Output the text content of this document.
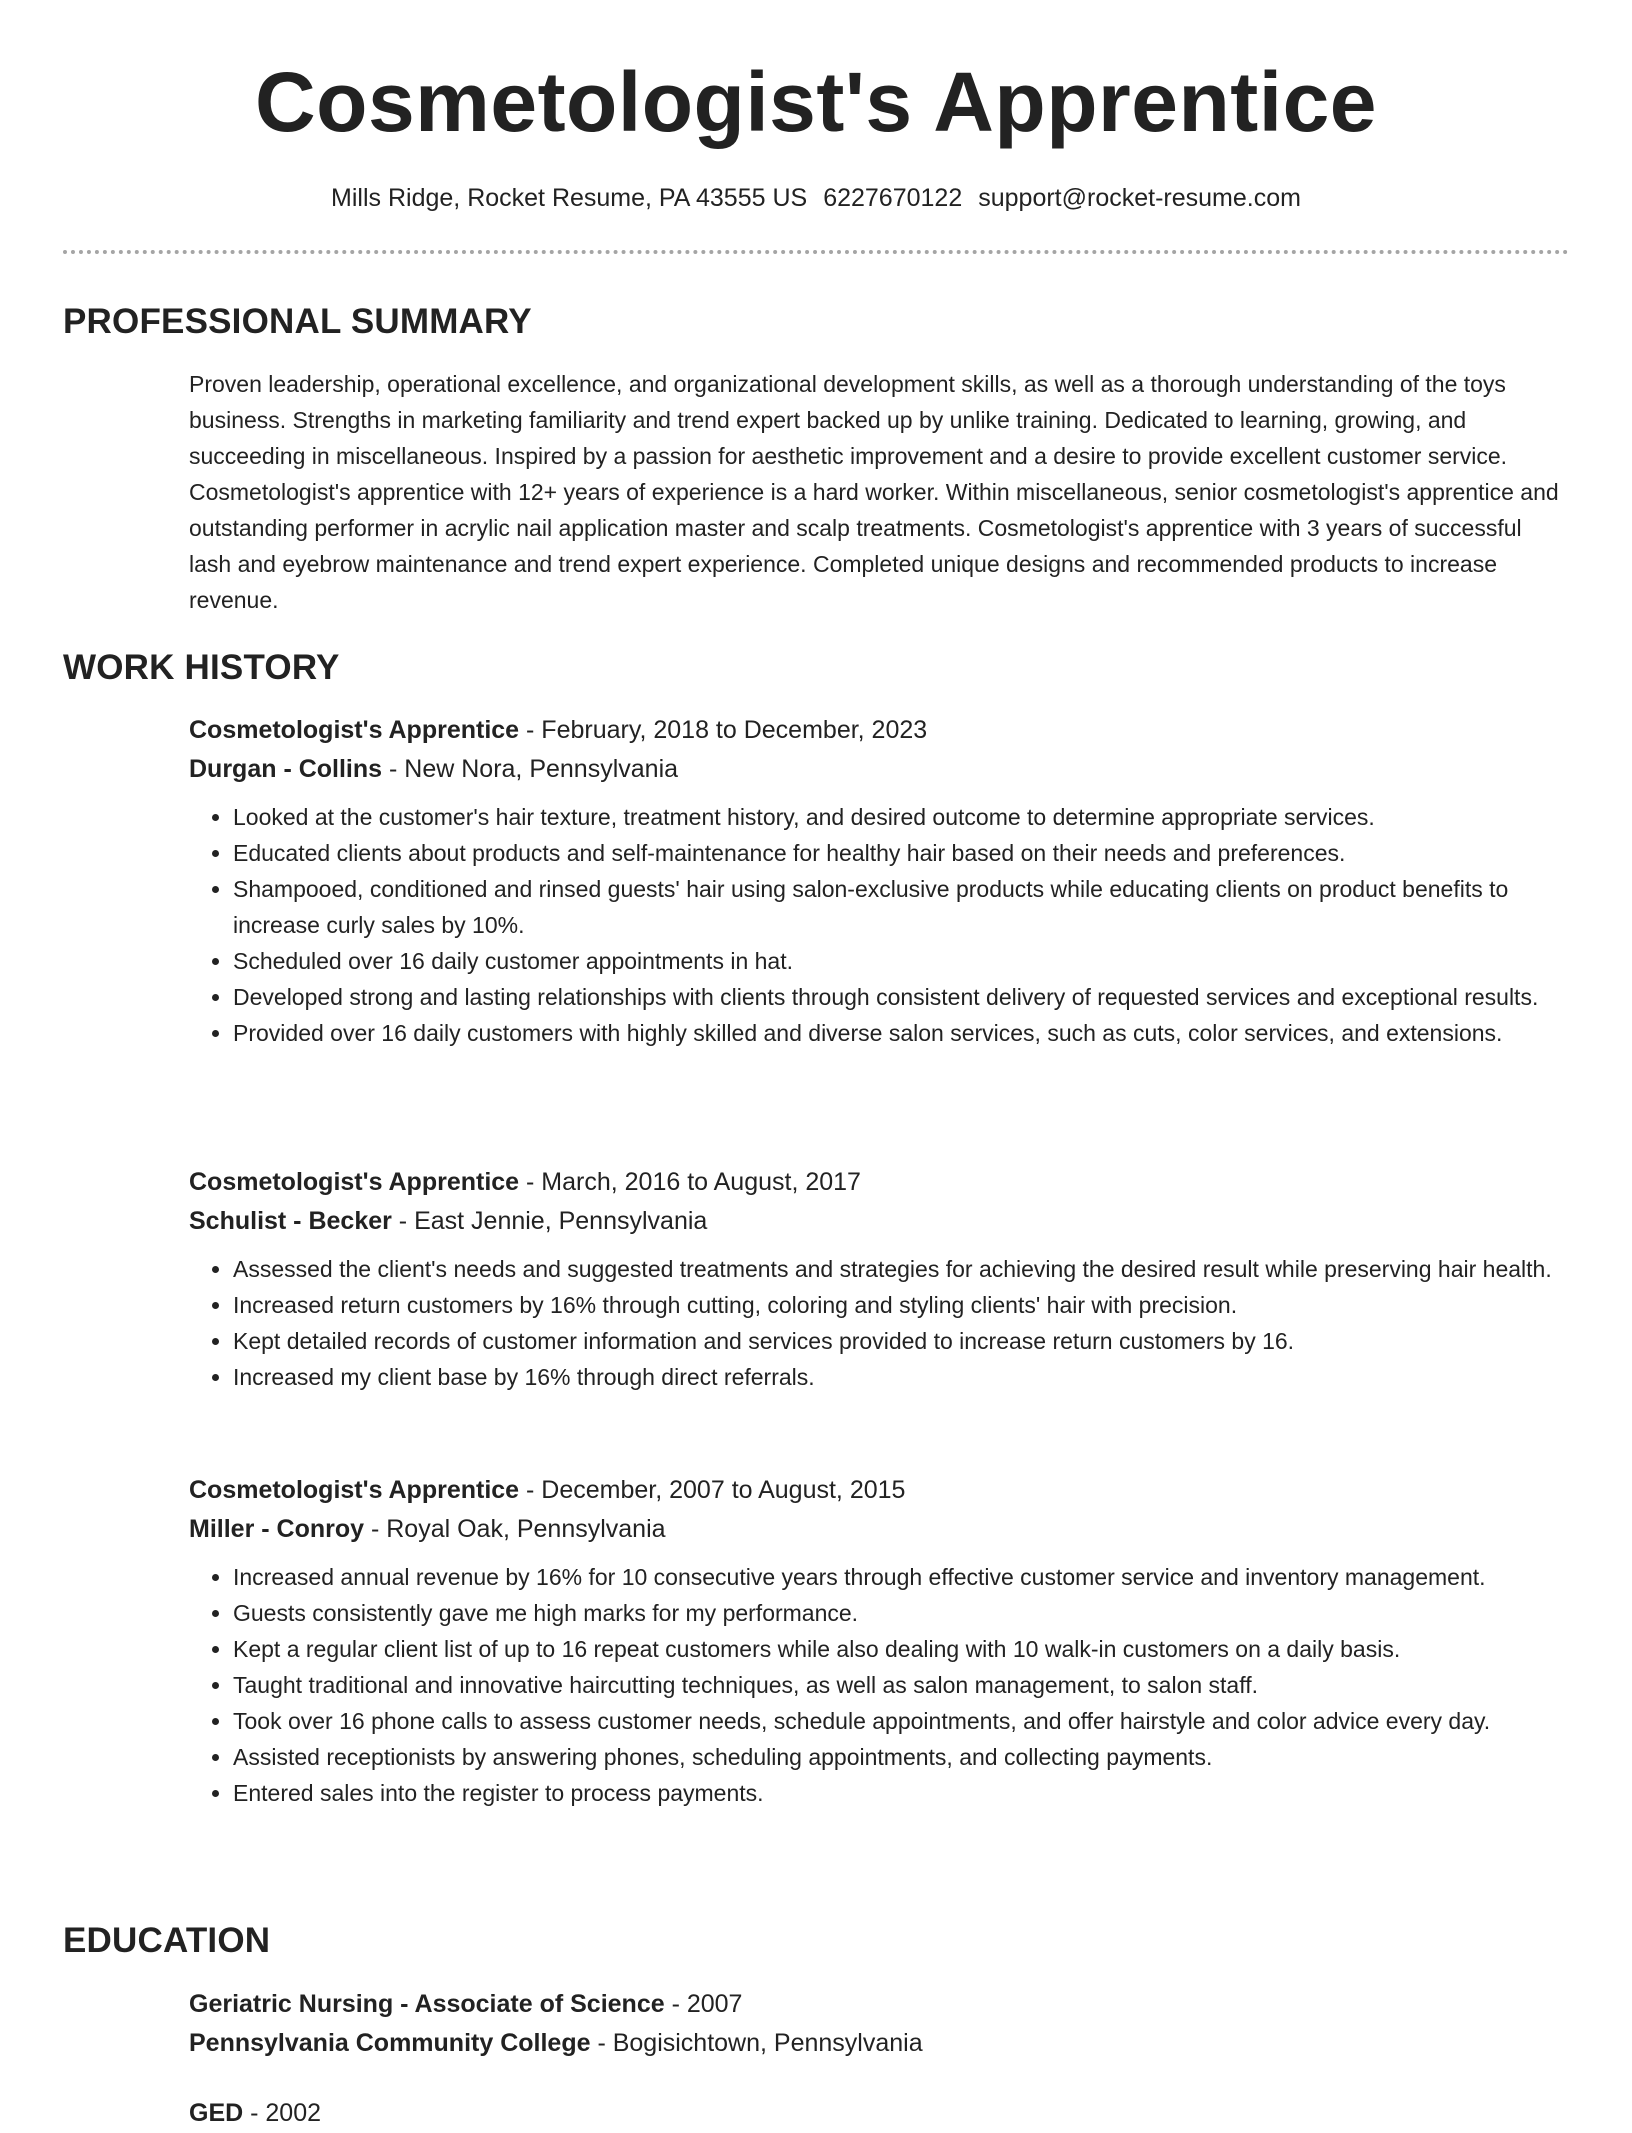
Cosmetologist's Apprentice
Mills Ridge, Rocket Resume, PA 43555 US 6227670122 support@rocket-resume.com
PROFESSIONAL SUMMARY
Proven leadership, operational excellence, and organizational development skills, as well as a thorough understanding of the toys business. Strengths in marketing familiarity and trend expert backed up by unlike training. Dedicated to learning, growing, and succeeding in miscellaneous. Inspired by a passion for aesthetic improvement and a desire to provide excellent customer service. Cosmetologist's apprentice with 12+ years of experience is a hard worker. Within miscellaneous, senior cosmetologist's apprentice and outstanding performer in acrylic nail application master and scalp treatments. Cosmetologist's apprentice with 3 years of successful lash and eyebrow maintenance and trend expert experience. Completed unique designs and recommended products to increase revenue.
WORK HISTORY
Cosmetologist's Apprentice - February, 2018 to December, 2023
Durgan - Collins - New Nora, Pennsylvania
• Looked at the customer's hair texture, treatment history, and desired outcome to determine appropriate services.
• Educated clients about products and self-maintenance for healthy hair based on their needs and preferences.
• Shampooed, conditioned and rinsed guests' hair using salon-exclusive products while educating clients on product benefits to increase curly sales by 10%.
• Scheduled over 16 daily customer appointments in hat.
• Developed strong and lasting relationships with clients through consistent delivery of requested services and exceptional results.
• Provided over 16 daily customers with highly skilled and diverse salon services, such as cuts, color services, and extensions.
Cosmetologist's Apprentice - March, 2016 to August, 2017
Schulist - Becker - East Jennie, Pennsylvania
• Assessed the client's needs and suggested treatments and strategies for achieving the desired result while preserving hair health.
• Increased return customers by 16% through cutting, coloring and styling clients' hair with precision.
• Kept detailed records of customer information and services provided to increase return customers by 16.
• Increased my client base by 16% through direct referrals.
Cosmetologist's Apprentice - December, 2007 to August, 2015
Miller - Conroy - Royal Oak, Pennsylvania
• Increased annual revenue by 16% for 10 consecutive years through effective customer service and inventory management.
• Guests consistently gave me high marks for my performance.
• Kept a regular client list of up to 16 repeat customers while also dealing with 10 walk-in customers on a daily basis.
• Taught traditional and innovative haircutting techniques, as well as salon management, to salon staff.
• Took over 16 phone calls to assess customer needs, schedule appointments, and offer hairstyle and color advice every day.
• Assisted receptionists by answering phones, scheduling appointments, and collecting payments.
• Entered sales into the register to process payments.
EDUCATION
Geriatric Nursing - Associate of Science - 2007
Pennsylvania Community College - Bogisichtown, Pennsylvania
GED - 2002
